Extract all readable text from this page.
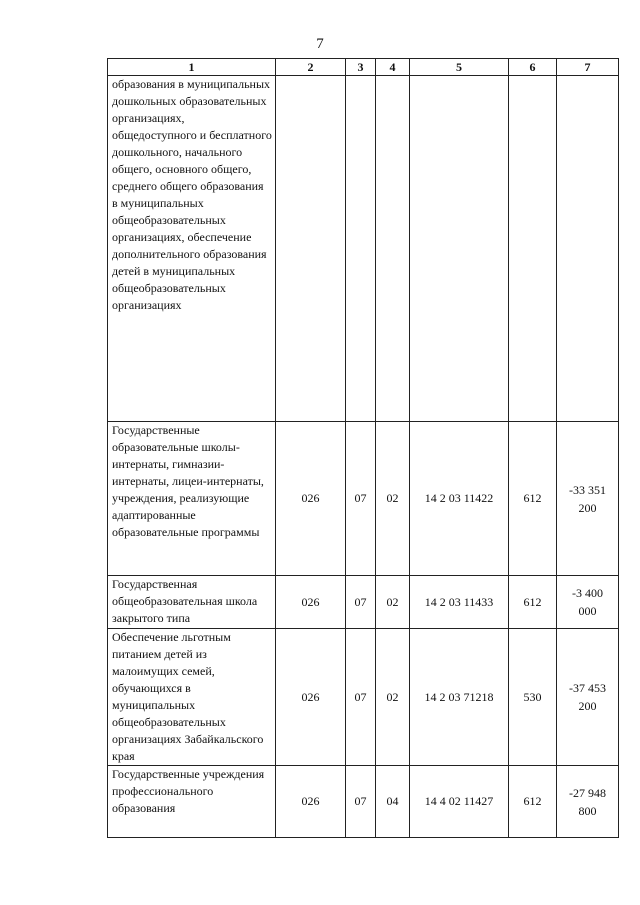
7
1	2	3	4	5	6	7
образования в муниципальных дошкольных образовательных организациях, общедоступного и бесплатного дошкольного, начального общего, основного общего, среднего общего образования в муниципальных общеобразовательных организациях, обеспечение дополнительного образования детей в муниципальных общеобразовательных организациях						
Государственные образовательные школы-интернаты, гимназии-интернаты, лицеи-интернаты, учреждения, реализующие адаптированные образовательные программы	026	07	02	14 2 03 11422	612	-33 351 200
Государственная общеобразовательная школа закрытого типа	026	07	02	14 2 03 11433	612	-3 400 000
Обеспечение льготным питанием детей из малоимущих семей, обучающихся в муниципальных общеобразовательных организациях Забайкальского края	026	07	02	14 2 03 71218	530	-37 453 200
Государственные учреждения профессионального образования	026	07	04	14 4 02 11427	612	-27 948 800
